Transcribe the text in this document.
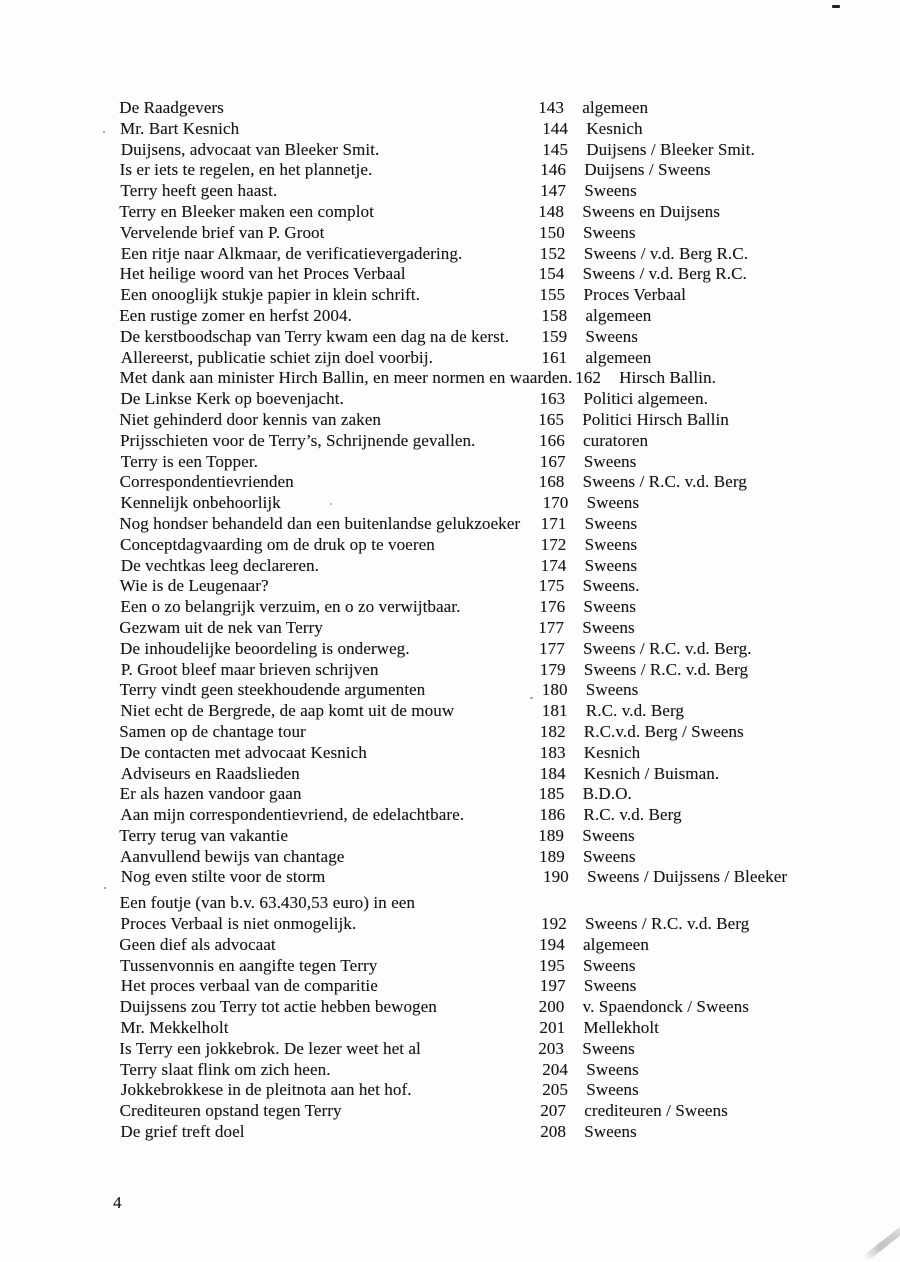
De Raadgevers	143	algemeen
Mr. Bart Kesnich	144	Kesnich
Duijsens, advocaat van Bleeker Smit.	145	Duijsens / Bleeker Smit.
Is er iets te regelen, en het plannetje.	146	Duijsens / Sweens
Terry heeft geen haast.	147	Sweens
Terry en Bleeker maken een complot	148	Sweens en Duijsens
Vervelende brief van P. Groot	150	Sweens
Een ritje naar Alkmaar, de verificatievergadering.	152	Sweens / v.d. Berg R.C.
Het heilige woord van het Proces Verbaal	154	Sweens / v.d. Berg R.C.
Een onooglijk stukje papier in klein schrift.	155	Proces Verbaal
Een rustige zomer en herfst 2004.	158	algemeen
De kerstboodschap van Terry kwam een dag na de kerst.	159	Sweens
Allereerst, publicatie schiet zijn doel voorbij.	161	algemeen
Met dank aan minister Hirch Ballin, en meer normen en waarden. 162	Hirsch Ballin.
De Linkse Kerk op boevenjacht.	163	Politici algemeen.
Niet gehinderd door kennis van zaken	165	Politici Hirsch Ballin
Prijsschieten voor de Terry’s, Schrijnende gevallen.	166	curatoren
Terry is een Topper.	167	Sweens
Correspondentievrienden	168	Sweens / R.C. v.d. Berg
Kennelijk onbehoorlijk	170	Sweens
Nog hondser behandeld dan een buitenlandse gelukzoeker	171	Sweens
Conceptdagvaarding om de druk op te voeren	172	Sweens
De vechtkas leeg declareren.	174	Sweens
Wie is de Leugenaar?	175	Sweens.
Een o zo belangrijk verzuim, en o zo verwijtbaar.	176	Sweens
Gezwam uit de nek van Terry	177	Sweens
De inhoudelijke beoordeling is onderweg.	177	Sweens / R.C. v.d. Berg.
P. Groot bleef maar brieven schrijven	179	Sweens / R.C. v.d. Berg
Terry vindt geen steekhoudende argumenten	180	Sweens
Niet echt de Bergrede, de aap komt uit de mouw	181	R.C. v.d. Berg
Samen op de chantage tour	182	R.C.v.d. Berg / Sweens
De contacten met advocaat Kesnich	183	Kesnich
Adviseurs en Raadslieden	184	Kesnich / Buisman.
Er als hazen vandoor gaan	185	B.D.O.
Aan mijn correspondentievriend, de edelachtbare.	186	R.C. v.d. Berg
Terry terug van vakantie	189	Sweens
Aanvullend bewijs van chantage	189	Sweens
Nog even stilte voor de storm	190	Sweens / Duijssens / Bleeker
Een foutje (van b.v. 63.430,53 euro) in een
Proces Verbaal is niet onmogelijk.	192	Sweens / R.C. v.d. Berg
Geen dief als advocaat	194	algemeen
Tussenvonnis en aangifte tegen Terry	195	Sweens
Het proces verbaal van de comparitie	197	Sweens
Duijssens zou Terry tot actie hebben bewogen	200	v. Spaendonck / Sweens
Mr. Mekkelholt	201	Mellekholt
Is Terry een jokkebrok. De lezer weet het al	203	Sweens
Terry slaat flink om zich heen.	204	Sweens
Jokkebrokkese in de pleitnota aan het hof.	205	Sweens
Crediteuren opstand tegen Terry	207	crediteuren / Sweens
De grief treft doel	208	Sweens
4
